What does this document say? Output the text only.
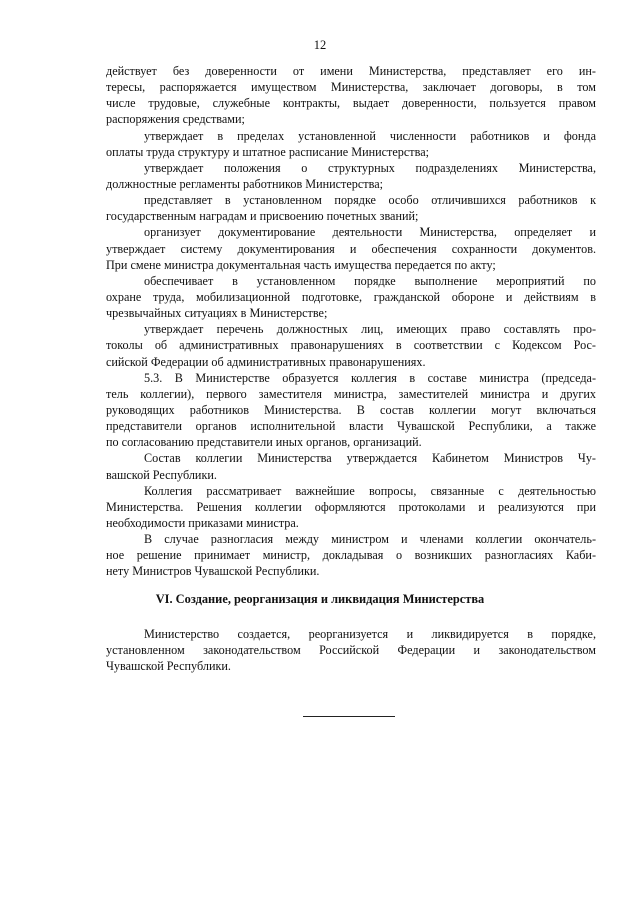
12
действует без доверенности от имени Министерства, представляет его ин-
тересы, распоряжается имуществом Министерства, заключает договоры, в том
числе трудовые, служебные контракты, выдает доверенности, пользуется правом
распоряжения средствами;
утверждает в пределах установленной численности работников и фонда
оплаты труда структуру и штатное расписание Министерства;
утверждает положения о структурных подразделениях Министерства,
должностные регламенты работников Министерства;
представляет в установленном порядке особо отличившихся работников к
государственным наградам и присвоению почетных званий;
организует документирование деятельности Министерства, определяет и
утверждает систему документирования и обеспечения сохранности документов.
При смене министра документальная часть имущества передается по акту;
обеспечивает в установленном порядке выполнение мероприятий по
охране труда, мобилизационной подготовке, гражданской обороне и действиям в
чрезвычайных ситуациях в Министерстве;
утверждает перечень должностных лиц, имеющих право составлять про-
токолы об административных правонарушениях в соответствии с Кодексом Рос-
сийской Федерации об административных правонарушениях.
5.3. В Министерстве образуется коллегия в составе министра (председа-
тель коллегии), первого заместителя министра, заместителей министра и других
руководящих работников Министерства. В состав коллегии могут включаться
представители органов исполнительной власти Чувашской Республики, а также
по согласованию представители иных органов, организаций.
Состав коллегии Министерства утверждается Кабинетом Министров Чу-
вашской Республики.
Коллегия рассматривает важнейшие вопросы, связанные с деятельностью
Министерства. Решения коллегии оформляются протоколами и реализуются при
необходимости приказами министра.
В случае разногласия между министром и членами коллегии окончатель-
ное решение принимает министр, докладывая о возникших разногласиях Каби-
нету Министров Чувашской Республики.
VI. Создание, реорганизация и ликвидация Министерства
Министерство создается, реорганизуется и ликвидируется в порядке,
установленном законодательством Российской Федерации и законодательством
Чувашской Республики.
